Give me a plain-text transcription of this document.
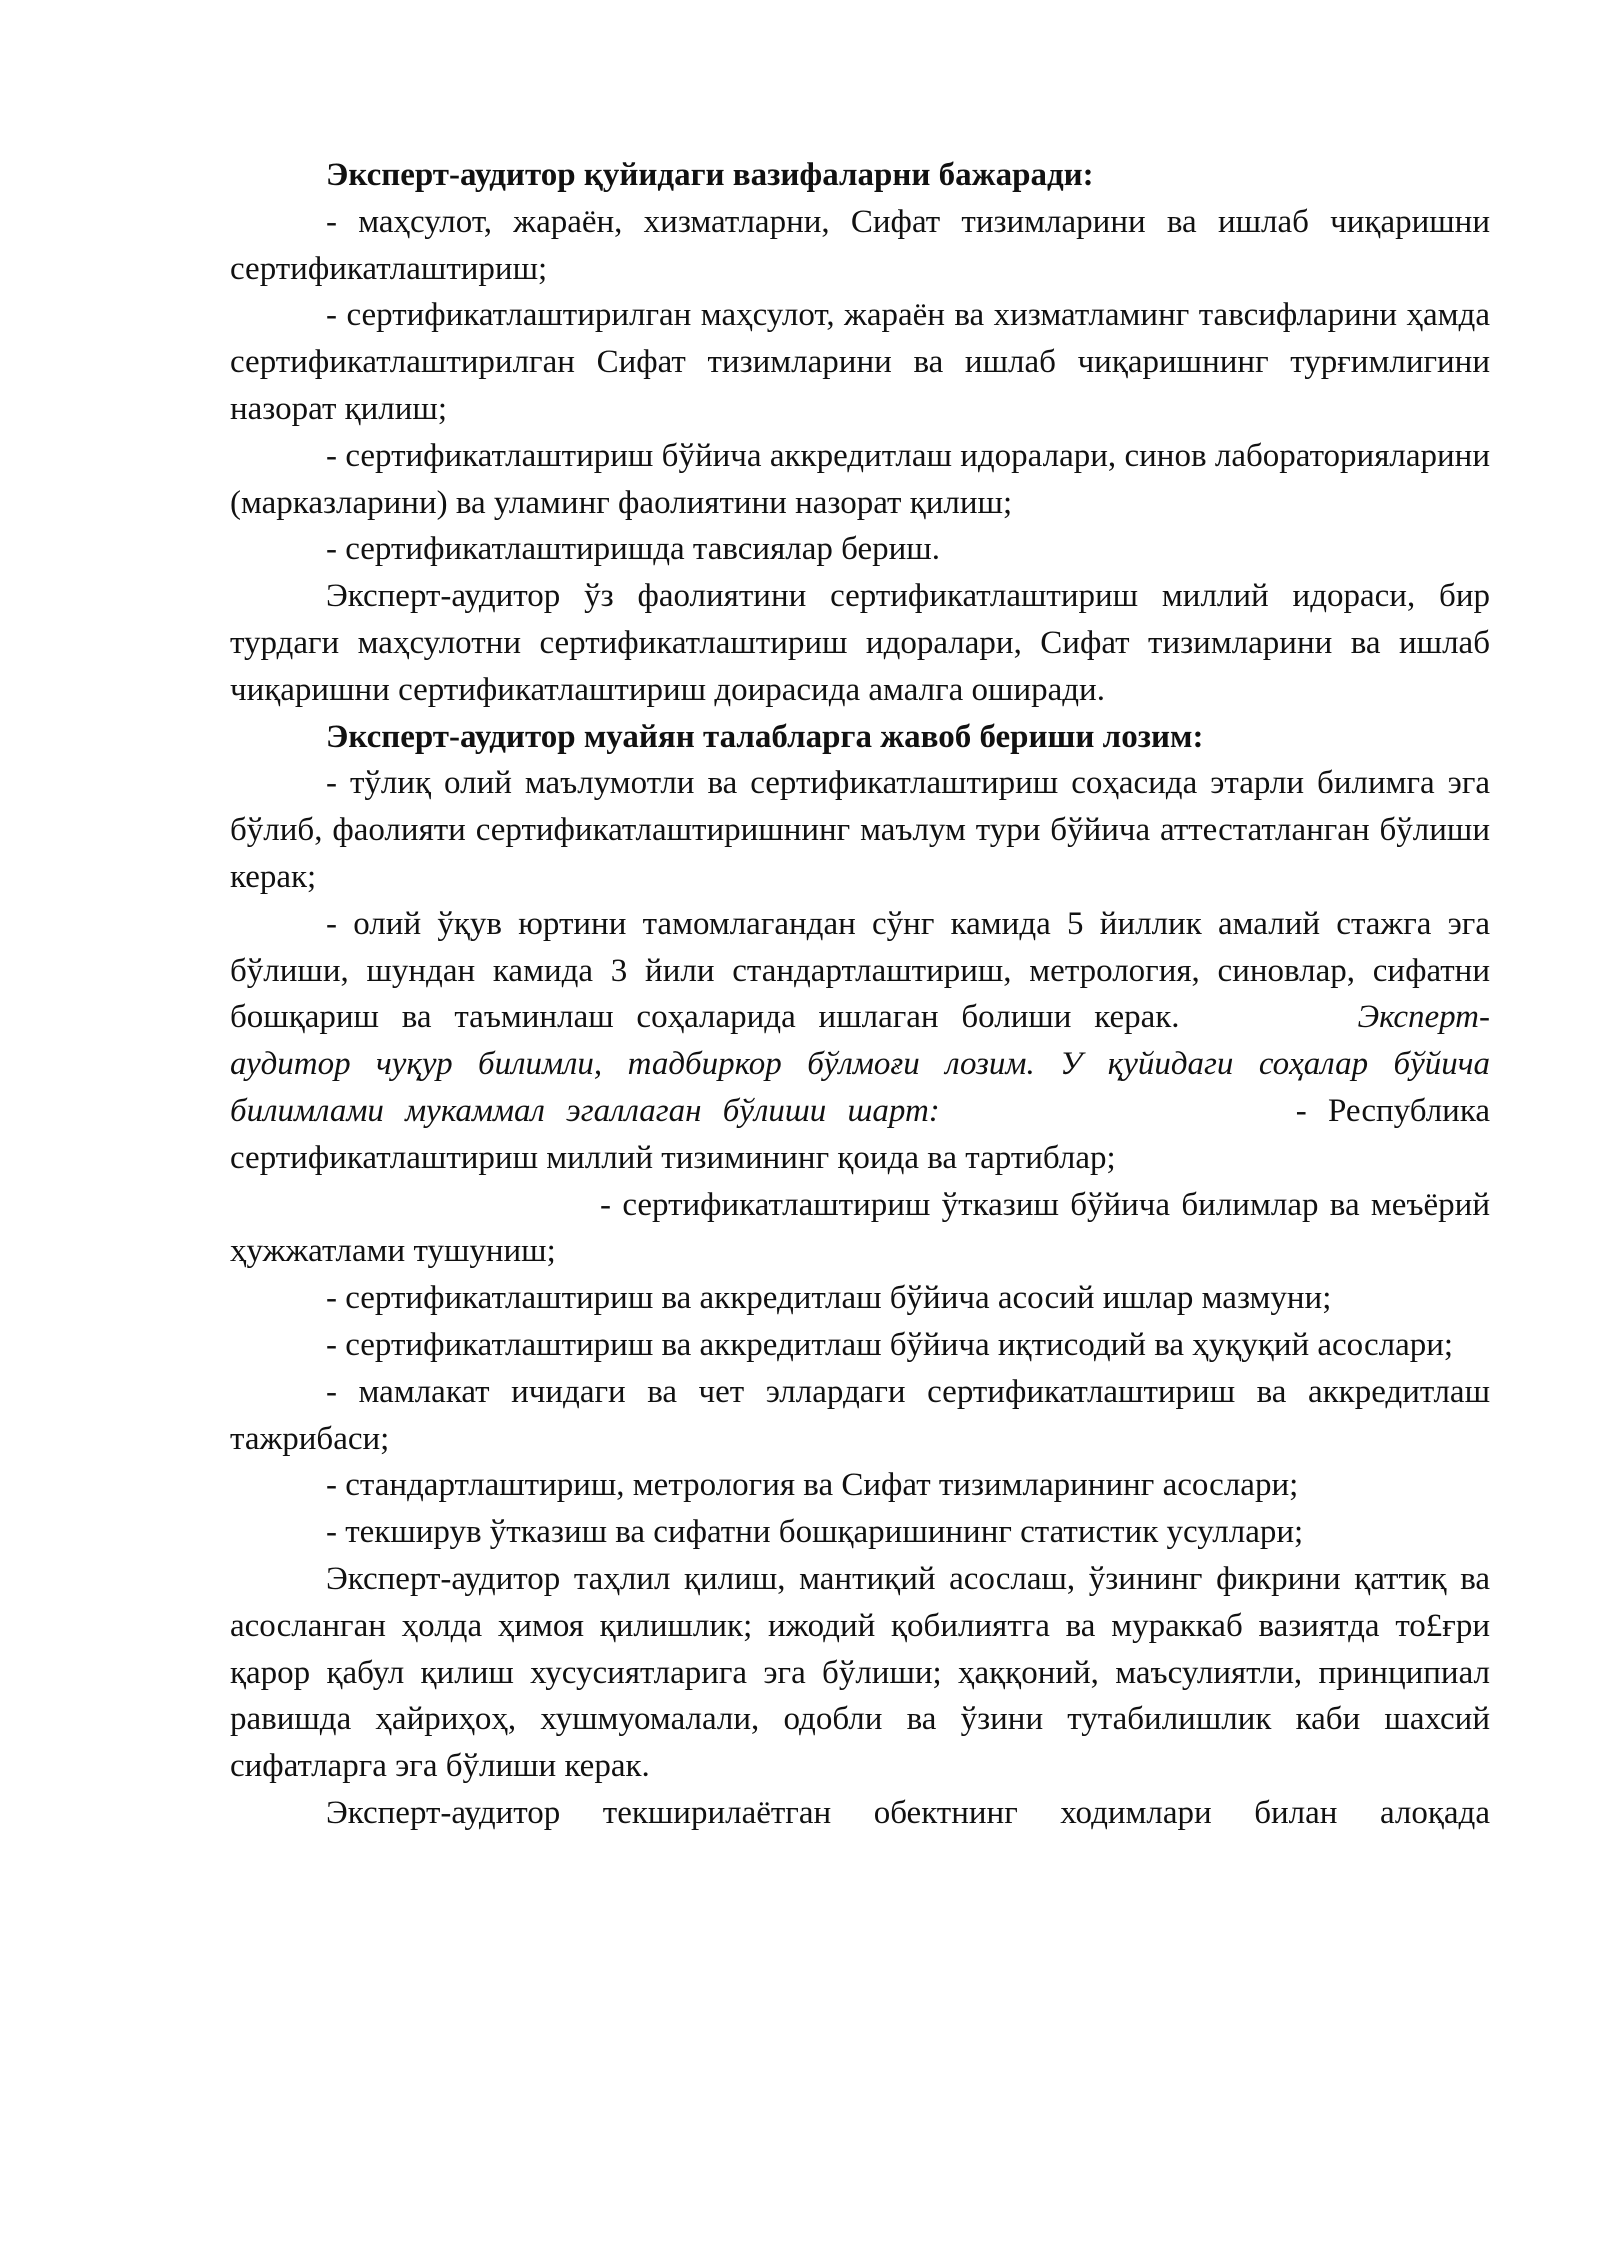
Эксперт-аудитор қуйидаги вазифаларни бажаради:

- маҳсулот, жараён, хизматларни, Сифат тизимларини ва ишлаб чиқаришни сертификатлаштириш;

- сертификатлаштирилган маҳсулот, жараён ва хизматламинг тавсифларини ҳамда сертификатлаштирилган Сифат тизимларини ва ишлаб чиқаришнинг турғимлигини назорат қилиш;

- сертификатлаштириш бўйича аккредитлаш идоралари, синов лабораторияларини (марказларини) ва уламинг фаолиятини назорат қилиш;

- сертификатлаштиришда тавсиялар бериш.

Эксперт-аудитор ўз фаолиятини сертификатлаштириш миллий идораси, бир турдаги маҳсулотни сертификатлаштириш идоралари, Сифат тизимларини ва ишлаб чиқаришни сертификатлаштириш доирасида амалга оширади.

Эксперт-аудитор муайян талабларга жавоб бериши лозим:

- тўлиқ олий маълумотли ва сертификатлаштириш соҳасида этарли билимга эга бўлиб, фаолияти сертификатлаштиришнинг маълум тури бўйича аттестатланган бўлиши керак;

- олий ўқув юртини тамомлагандан сўнг камида 5 йиллик амалий стажга эга бўлиши, шундан камида 3 йили стандартлаштириш, метрология, синовлар, сифатни бошқариш ва таъминлаш соҳаларида ишлаган болиши керак.	Эксперт-аудитор чуқур билимли, тадбиркор бўлмоғи лозим. У қуйидаги соҳалар бўйича билимлами мукаммал эгаллаган бўлиши шарт:	- Республика сертификатлаштириш миллий тизимининг қоида ва тартиблар;

- сертификатлаштириш ўтказиш бўйича билимлар ва меъёрий

ҳужжатлами тушуниш;

- сертификатлаштириш ва аккредитлаш бўйича асосий ишлар мазмуни;

- сертификатлаштириш ва аккредитлаш бўйича иқтисодий ва ҳуқуқий асослари;

- мамлакат ичидаги ва чет эллардаги сертификатлаштириш ва аккредитлаш тажрибаси;

- стандартлаштириш, метрология ва Сифат тизимларининг асослари;

- текширув ўтказиш ва сифатни бошқаришининг статистик усуллари;

Эксперт-аудитор таҳлил қилиш, мантиқий асослаш, ўзининг фикрини қаттиқ ва асосланган ҳолда ҳимоя қилишлик; ижодий қобилиятга ва мураккаб вазиятда то£ғри қарор қабул қилиш хусусиятларига эга бўлиши; ҳаққоний, маъсулиятли, принципиал равишда ҳайриҳоҳ, хушмуомалали, одобли ва ўзини тутабилишлик каби шахсий сифатларга эга бўлиши керак.

Эксперт-аудитор текширилаётган обектнинг ходимлари билан алоқада
